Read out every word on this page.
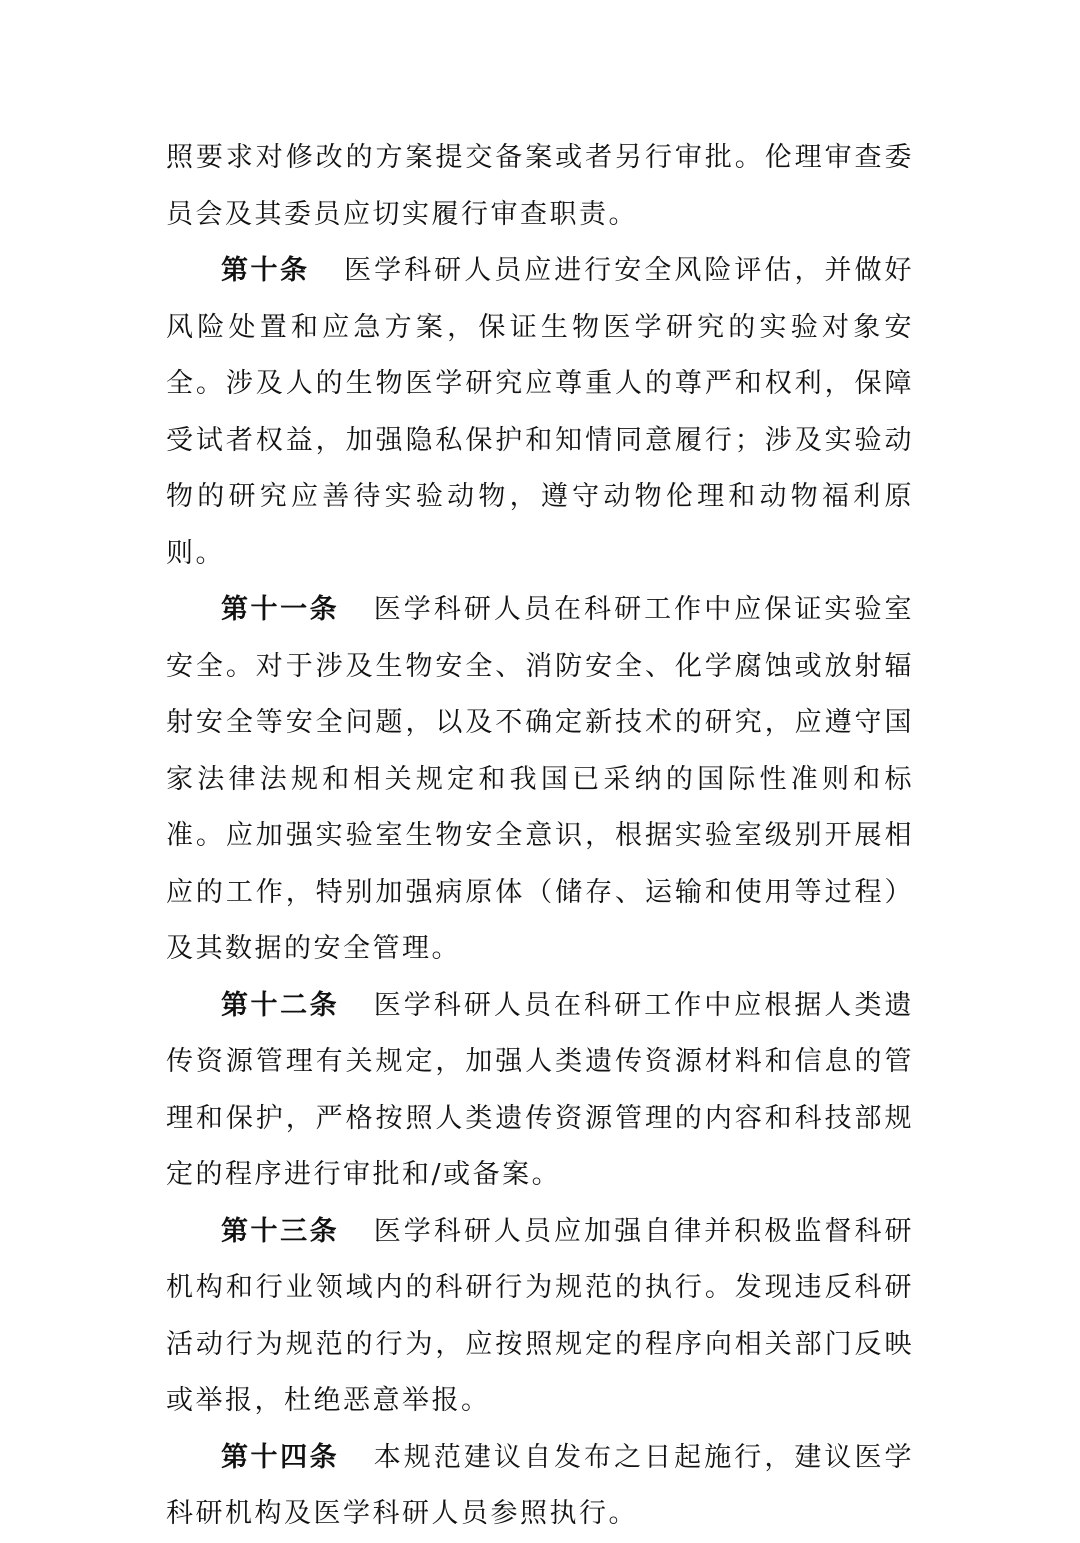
照要求对修改的方案提交备案或者另行审批。伦理审查委员会及其委员应切实履行审查职责。

第十条 医学科研人员应进行安全风险评估，并做好风险处置和应急方案，保证生物医学研究的实验对象安全。涉及人的生物医学研究应尊重人的尊严和权利，保障受试者权益，加强隐私保护和知情同意履行；涉及实验动物的研究应善待实验动物，遵守动物伦理和动物福利原则。

第十一条 医学科研人员在科研工作中应保证实验室安全。对于涉及生物安全、消防安全、化学腐蚀或放射辐射安全等安全问题，以及不确定新技术的研究，应遵守国家法律法规和相关规定和我国已采纳的国际性准则和标准。应加强实验室生物安全意识，根据实验室级别开展相应的工作，特别加强病原体（储存、运输和使用等过程）及其数据的安全管理。

第十二条 医学科研人员在科研工作中应根据人类遗传资源管理有关规定，加强人类遗传资源材料和信息的管理和保护，严格按照人类遗传资源管理的内容和科技部规定的程序进行审批和/或备案。

第十三条 医学科研人员应加强自律并积极监督科研机构和行业领域内的科研行为规范的执行。发现违反科研活动行为规范的行为，应按照规定的程序向相关部门反映或举报，杜绝恶意举报。

第十四条 本规范建议自发布之日起施行，建议医学科研机构及医学科研人员参照执行。
